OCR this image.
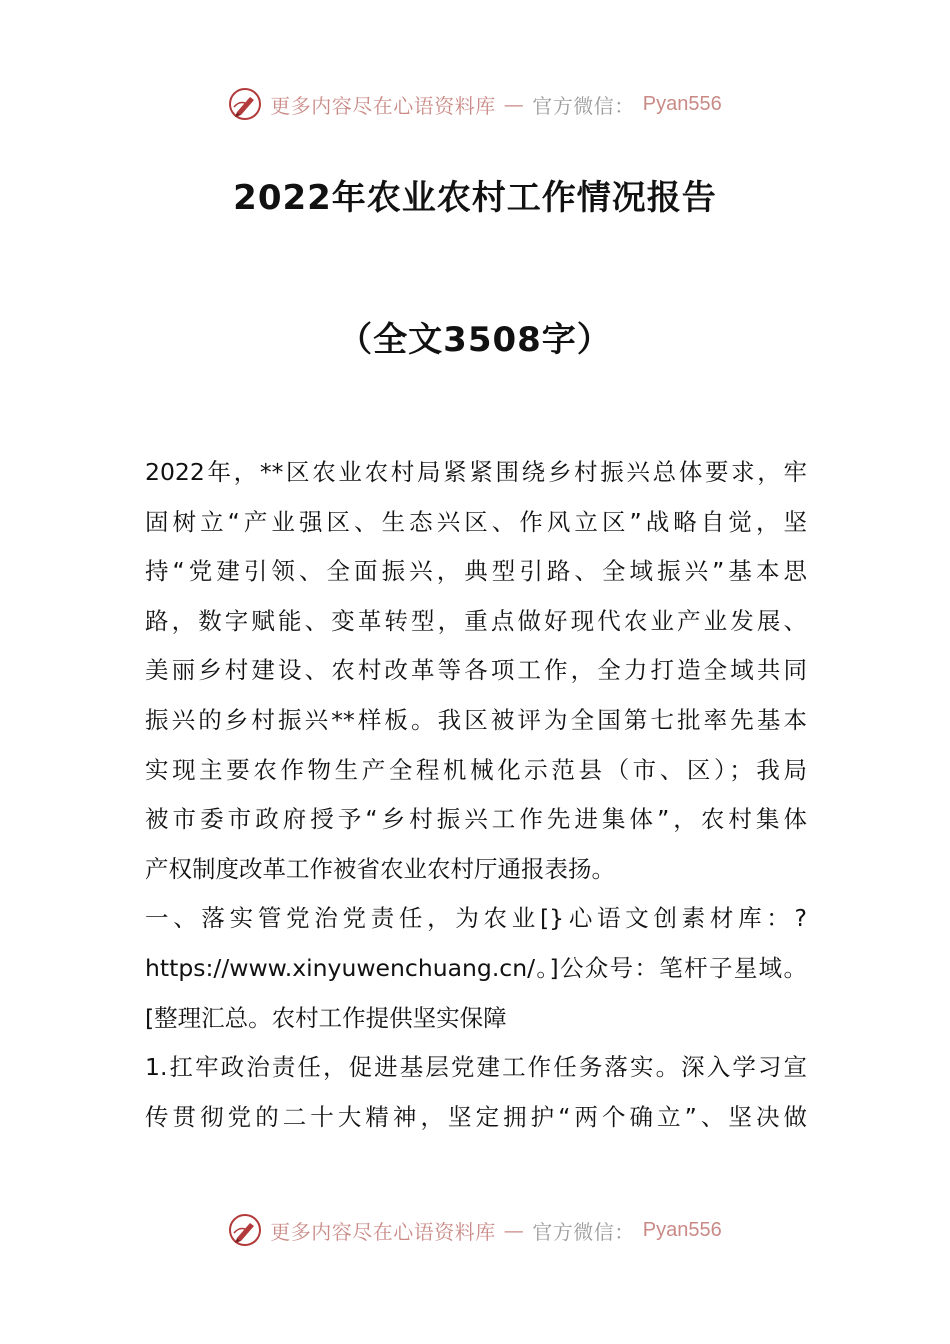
更多内容尽在心语资料库 — 官方微信： Pyan556
2022年农业农村工作情况报告
（全文3508字）
2022年，**区农业农村局紧紧围绕乡村振兴总体要求，牢
固树立“产业强区、生态兴区、作风立区”战略自觉，坚
持“党建引领、全面振兴，典型引路、全域振兴”基本思
路，数字赋能、变革转型，重点做好现代农业产业发展、
美丽乡村建设、农村改革等各项工作，全力打造全域共同
振兴的乡村振兴**样板。我区被评为全国第七批率先基本
实现主要农作物生产全程机械化示范县（市、区）；我局
被市委市政府授予“乡村振兴工作先进集体”，农村集体
产权制度改革工作被省农业农村厅通报表扬。
一、落实管党治党责任，为农业[}心语文创素材库：?
https://www.xinyuwenchuang.cn/。]公众号：笔杆子星域。
[整理汇总。农村工作提供坚实保障
1.扛牢政治责任，促进基层党建工作任务落实。深入学习宣
传贯彻党的二十大精神，坚定拥护“两个确立”、坚决做
更多内容尽在心语资料库 — 官方微信： Pyan556
